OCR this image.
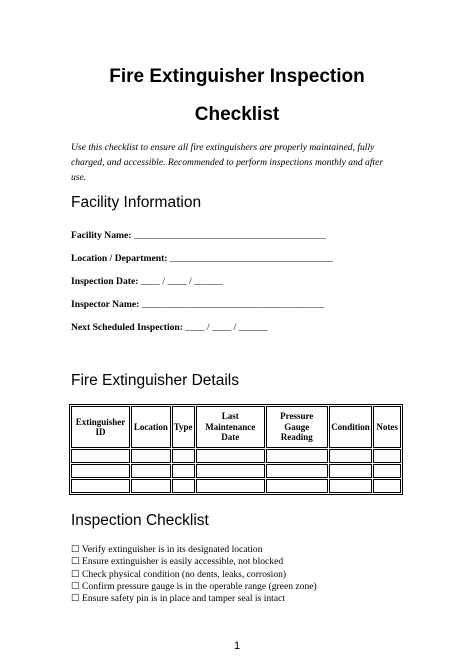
Fire Extinguisher Inspection
Checklist
Use this checklist to ensure all fire extinguishers are properly maintained, fully charged, and accessible. Recommended to perform inspections monthly and after use.
Facility Information
Facility Name: ________________________________________
Location / Department: __________________________________
Inspection Date: ____ / ____ / ______
Inspector Name: ______________________________________
Next Scheduled Inspection: ____ / ____ / ______
Fire Extinguisher Details
Extinguisher ID	Location	Type	Last Maintenance Date	Pressure Gauge Reading	Condition	Notes

Inspection Checklist
☐ Verify extinguisher is in its designated location
☐ Ensure extinguisher is easily accessible, not blocked
☐ Check physical condition (no dents, leaks, corrosion)
☐ Confirm pressure gauge is in the operable range (green zone)
☐ Ensure safety pin is in place and tamper seal is intact
1
